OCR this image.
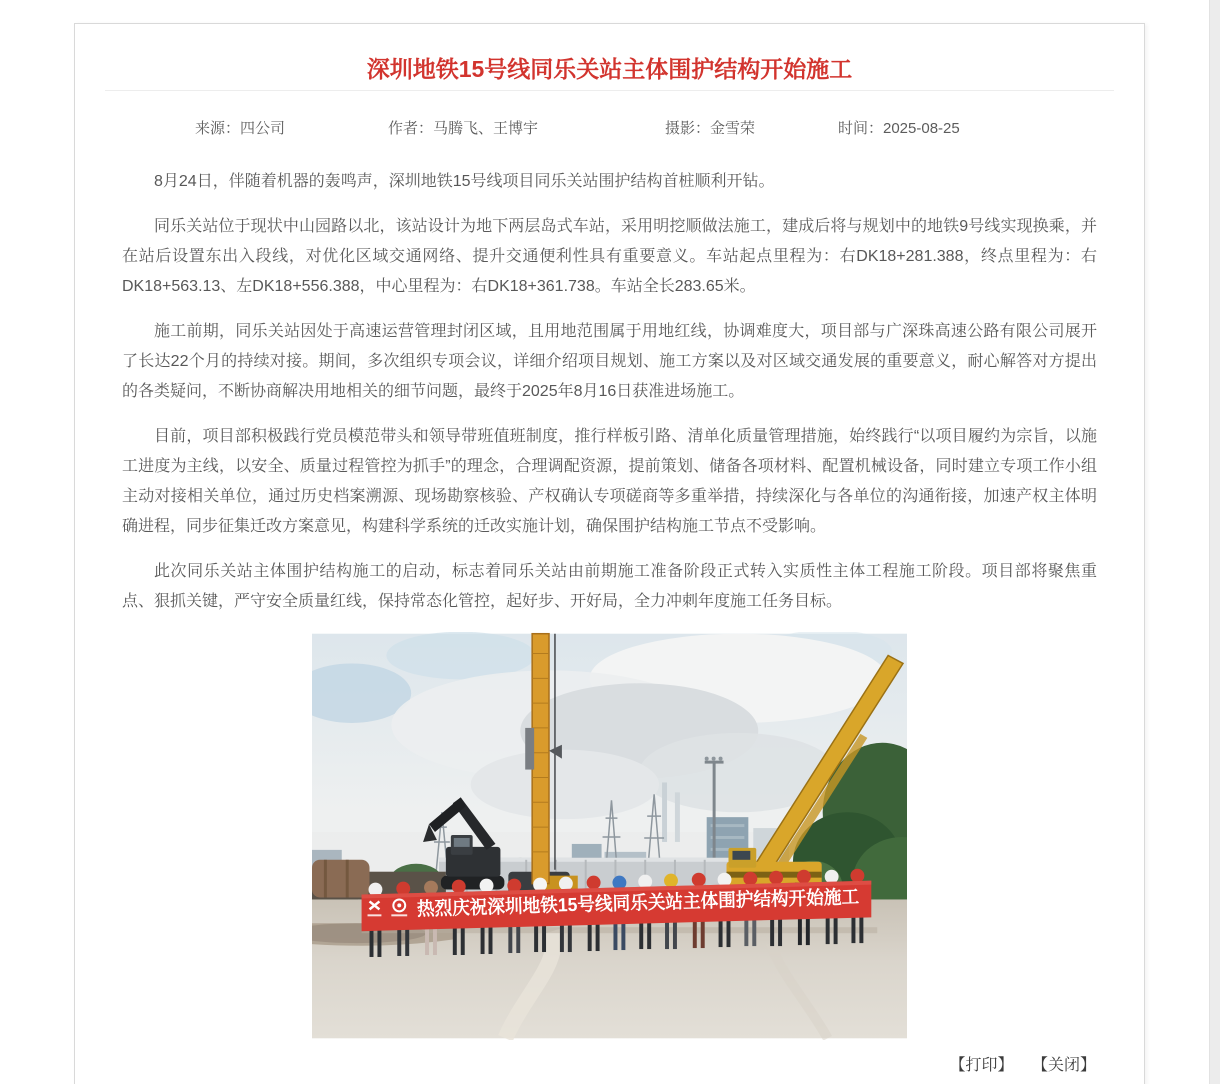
深圳地铁15号线同乐关站主体围护结构开始施工
来源：四公司	作者：马腾飞、王博宇	摄影：金雪荣	时间：2025-08-25

8月24日，伴随着机器的轰鸣声，深圳地铁15号线项目同乐关站围护结构首桩顺利开钻。

同乐关站位于现状中山园路以北，该站设计为地下两层岛式车站，采用明挖顺做法施工，建成后将与规划中的地铁9号线实现换乘，并在站后设置东出入段线，对优化区域交通网络、提升交通便利性具有重要意义。车站起点里程为：右DK18+281.388，终点里程为：右DK18+563.13、左DK18+556.388，中心里程为：右DK18+361.738。车站全长283.65米。

施工前期，同乐关站因处于高速运营管理封闭区域，且用地范围属于用地红线，协调难度大，项目部与广深珠高速公路有限公司展开了长达22个月的持续对接。期间，多次组织专项会议，详细介绍项目规划、施工方案以及对区域交通发展的重要意义，耐心解答对方提出的各类疑问，不断协商解决用地相关的细节问题，最终于2025年8月16日获准进场施工。

目前，项目部积极践行党员模范带头和领导带班值班制度，推行样板引路、清单化质量管理措施，始终践行“以项目履约为宗旨，以施工进度为主线，以安全、质量过程管控为抓手”的理念，合理调配资源，提前策划、储备各项材料、配置机械设备，同时建立专项工作小组主动对接相关单位，通过历史档案溯源、现场勘察核验、产权确认专项磋商等多重举措，持续深化与各单位的沟通衔接，加速产权主体明确进程，同步征集迁改方案意见，构建科学系统的迁改实施计划，确保围护结构施工节点不受影响。

此次同乐关站主体围护结构施工的启动，标志着同乐关站由前期施工准备阶段正式转入实质性主体工程施工阶段。项目部将聚焦重点、狠抓关键，严守安全质量红线，保持常态化管控，起好步、开好局，全力冲刺年度施工任务目标。

热烈庆祝深圳地铁15号线同乐关站主体围护结构开始施工
【打印】 【关闭】
